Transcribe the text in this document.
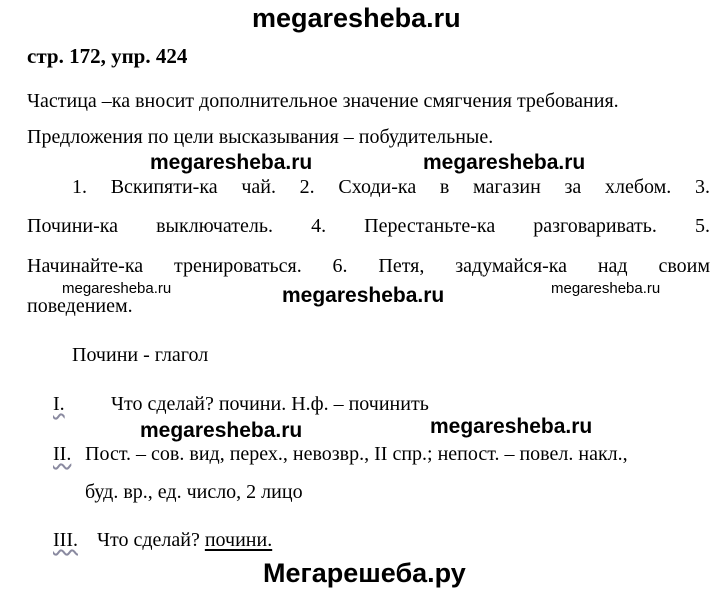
megaresheba.ru
стр. 172, упр. 424
Частица –ка вносит дополнительное значение смягчения требования.
Предложения по цели высказывания – побудительные.
megaresheba.ru	megaresheba.ru
1. Вскипяти-ка чай. 2. Сходи-ка в магазин за хлебом. 3.
Почини-ка выключатель. 4. Перестаньте-ка разговаривать. 5.
Начинайте-ка тренироваться. 6. Петя, задумайся-ка над своим
megaresheba.ru	megaresheba.ru	megaresheba.ru
поведением.
Почини - глагол
I. Что сделай? почини. Н.ф. – починить
megaresheba.ru	megaresheba.ru
II. Пост. – сов. вид, перех., невозвр., II спр.; непост. – повел. накл.,
буд. вр., ед. число, 2 лицо
III. Что сделай? почини.
Мегарешеба.ру
